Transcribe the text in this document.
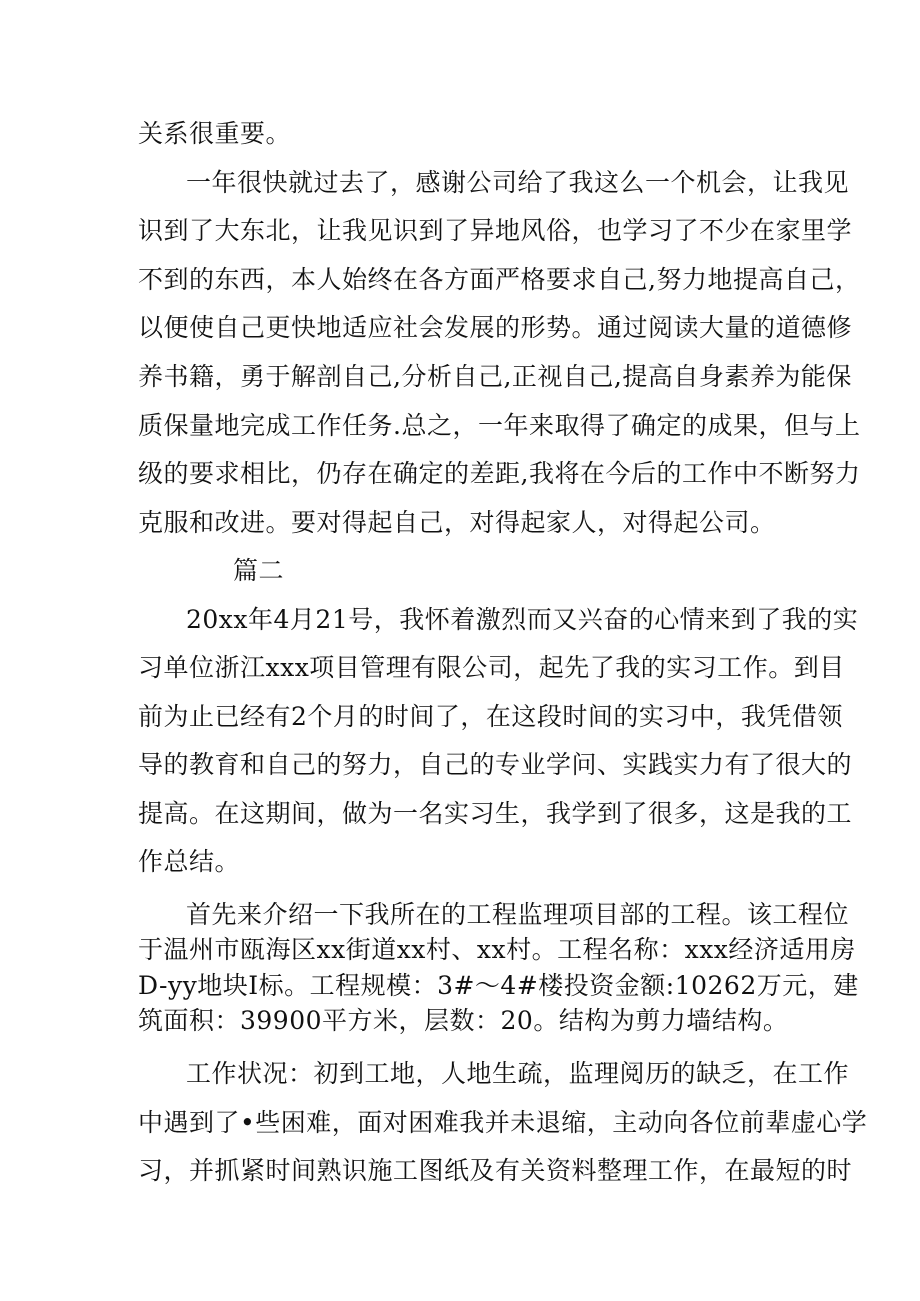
关系很重要。
一年很快就过去了，感谢公司给了我这么一个机会，让我见
识到了大东北，让我见识到了异地风俗，也学习了不少在家里学
不到的东西，本人始终在各方面严格要求自己,努力地提高自己，
以便使自己更快地适应社会发展的形势。通过阅读大量的道德修
养书籍，勇于解剖自己,分析自己,正视自己,提高自身素养为能保
质保量地完成工作任务.总之，一年来取得了确定的成果，但与上
级的要求相比，仍存在确定的差距,我将在今后的工作中不断努力
克服和改进。要对得起自己，对得起家人，对得起公司。
篇二
20xx年4月21号，我怀着激烈而又兴奋的心情来到了我的实
习单位浙江xxx项目管理有限公司，起先了我的实习工作。到目
前为止已经有2个月的时间了，在这段时间的实习中，我凭借领
导的教育和自己的努力，自己的专业学问、实践实力有了很大的
提高。在这期间，做为一名实习生，我学到了很多，这是我的工
作总结。
首先来介绍一下我所在的工程监理项目部的工程。该工程位
于温州市瓯海区xx街道xx村、xx村。工程名称：xxx经济适用房
D-yy地块I标。工程规模：3#～4#楼投资金额:10262万元，建
筑面积：39900平方米，层数：20。结构为剪力墙结构。
工作状况：初到工地，人地生疏，监理阅历的缺乏，在工作
中遇到了•些困难，面对困难我并未退缩，主动向各位前辈虚心学
习，并抓紧时间熟识施工图纸及有关资料整理工作，在最短的时
